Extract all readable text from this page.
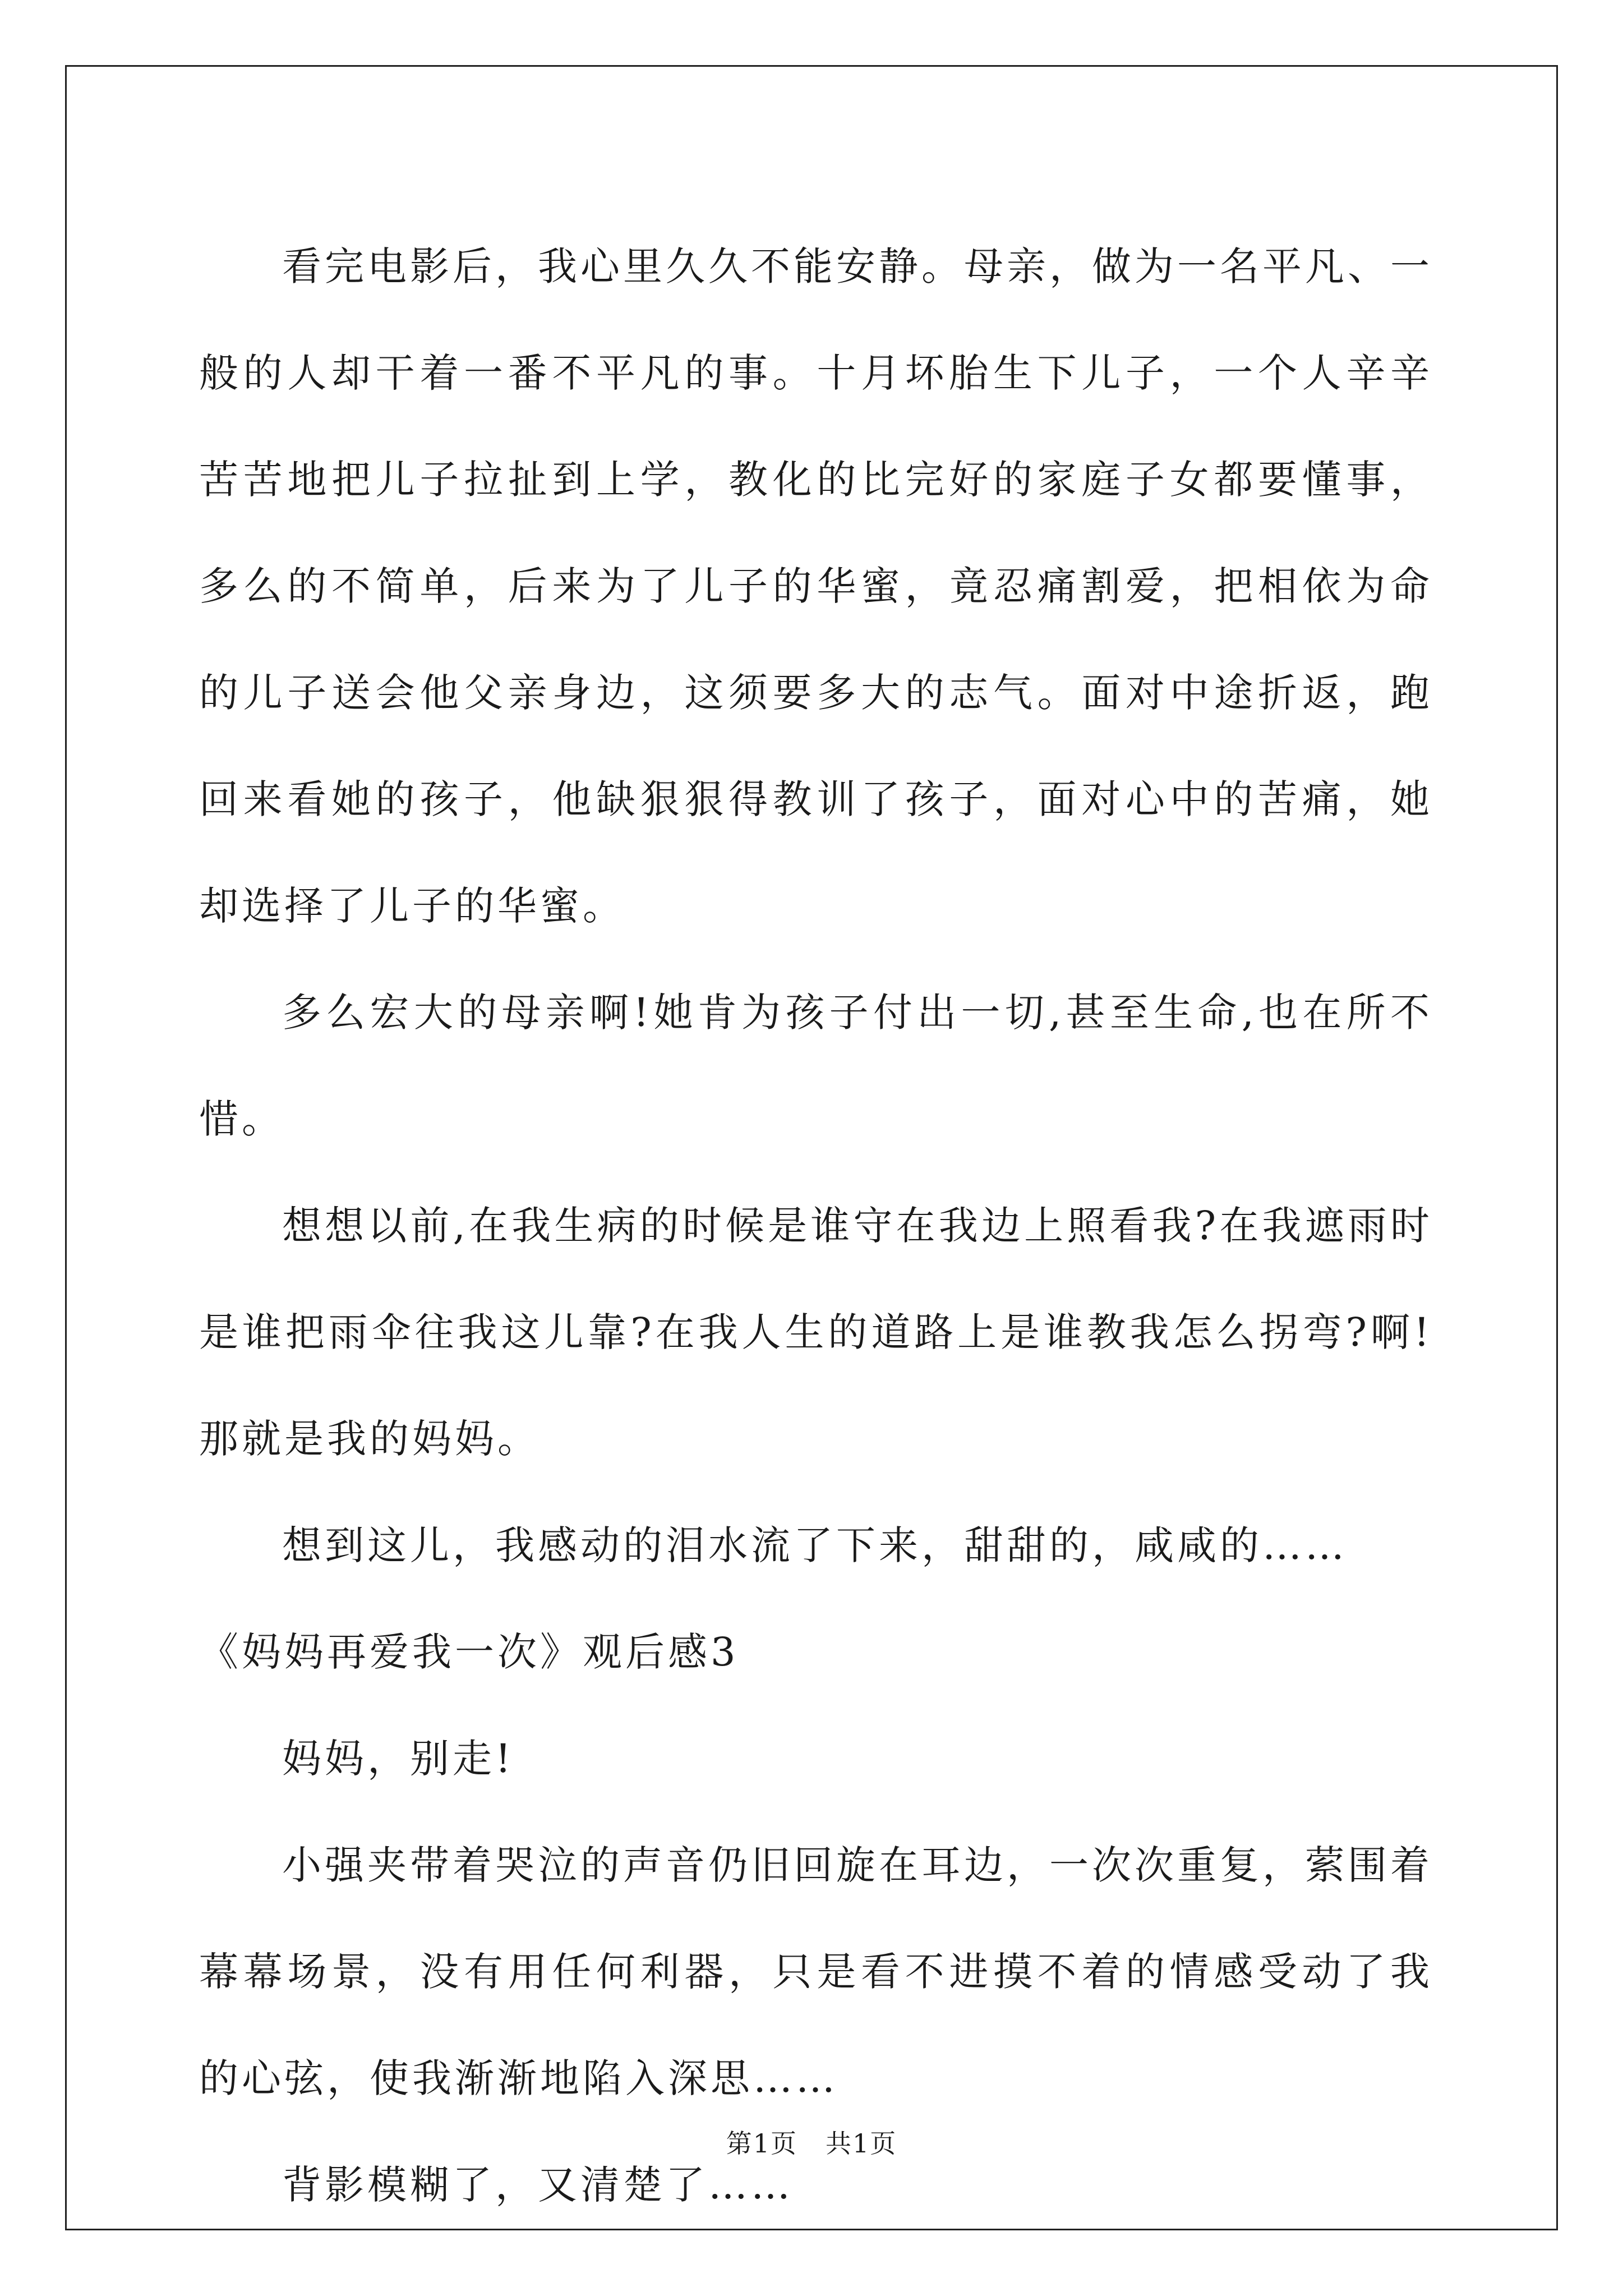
看完电影后，我心里久久不能安静。母亲，做为一名平凡、一般的人却干着一番不平凡的事。十月坏胎生下儿子，一个人辛辛苦苦地把儿子拉扯到上学，教化的比完好的家庭子女都要懂事，多么的不简单，后来为了儿子的华蜜，竟忍痛割爱，把相依为命的儿子送会他父亲身边，这须要多大的志气。面对中途折返，跑回来看她的孩子，他缺狠狠得教训了孩子，面对心中的苦痛，她却选择了儿子的华蜜。

多么宏大的母亲啊!她肯为孩子付出一切,甚至生命,也在所不惜。

想想以前,在我生病的时候是谁守在我边上照看我?在我遮雨时是谁把雨伞往我这儿靠?在我人生的道路上是谁教我怎么拐弯?啊!那就是我的妈妈。

想到这儿，我感动的泪水流了下来，甜甜的，咸咸的……

《妈妈再爱我一次》观后感3

妈妈，别走!

小强夹带着哭泣的声音仍旧回旋在耳边，一次次重复，萦围着幕幕场景，没有用任何利器，只是看不进摸不着的情感受动了我的心弦，使我渐渐地陷入深思……

背影模糊了，又清楚了……

第1页 共1页
